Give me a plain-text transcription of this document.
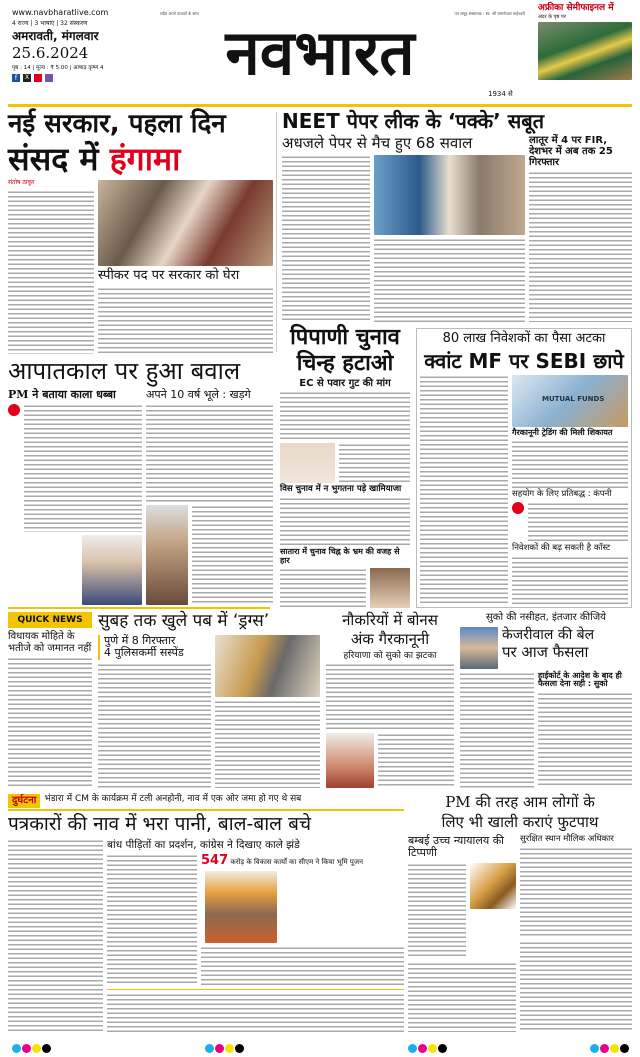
www.navbharatlive.com
4 राज्य | 3 भाषाएं | 32 संस्करण
अमरावती, मंगलवार
25.6.2024
पृष्ठ : 14 | मूल्य : ₹ 5.00 | आषाढ़ कृष्ण 4
f	X
सदैव अपने पाठकों के साथ	पत्र समूह संस्थापक : स्व. श्री रामगोपाल माहेश्वरी
नवभारत
1934 से
अफ्रीका सेमीफाइनल में
अंदर के पृष्ठ पर
नई सरकार, पहला दिन
संसद में हंगामा
संतोष ठाकुर
स्पीकर पद पर सरकार को घेरा
NEET पेपर लीक के ‘पक्के’ सबूत
अधजले पेपर से मैच हुए 68 सवाल	लातूर में 4 पर FIR, देशभर में अब तक 25 गिरफ्तार
आपातकाल पर हुआ बवाल
PM ने बताया काला धब्बा	अपने 10 वर्ष भूले : खड़गे
पिपाणी चुनाव
चिन्ह हटाओ
EC से पवार गुट की मांग
विस चुनाव में न भुगतना पड़े खामियाजा
सातारा में चुनाव चिह्न के भ्रम की वजह से हार
80 लाख निवेशकों का पैसा अटका
क्वांट MF पर SEBI छापे
MUTUAL FUNDS
गैरकानूनी ट्रेडिंग की मिली शिकायत
सहयोग के लिए प्रतिबद्ध : कंपनी
निवेशकों की बढ़ सकती है कॉस्ट
QUICK NEWS
विधायक मोहिते के भतीजे को जमानत नहीं
सुबह तक खुले पब में ‘ड्रग्स’
पुणे में 8 गिरफ्तार
4 पुलिसकर्मी सस्पेंड
नौकरियों में बोनस
अंक गैरकानूनी
हरियाणा को सुको का झटका
सुको की नसीहत, इंतजार कीजिये
केजरीवाल की बेल
पर आज फैसला
हाईकोर्ट के आदेश के बाद ही फैसला देना सही : सुको
दुर्घटना भंडारा में CM के कार्यक्रम में टली अनहोनी, नाव में एक ओर जमा हो गए थे सब
पत्रकारों की नाव में भरा पानी, बाल-बाल बचे
बांध पीड़ितों का प्रदर्शन, कांग्रेस ने दिखाए काले झंडे
547 करोड़ के विकास कार्यों का सीएम ने किया भूमि पूजन
PM की तरह आम लोगों के
लिए भी खाली कराएं फुटपाथ
बम्बई उच्च न्यायालय की टिप्पणी
सुरक्षित स्थान मौलिक अधिकार
